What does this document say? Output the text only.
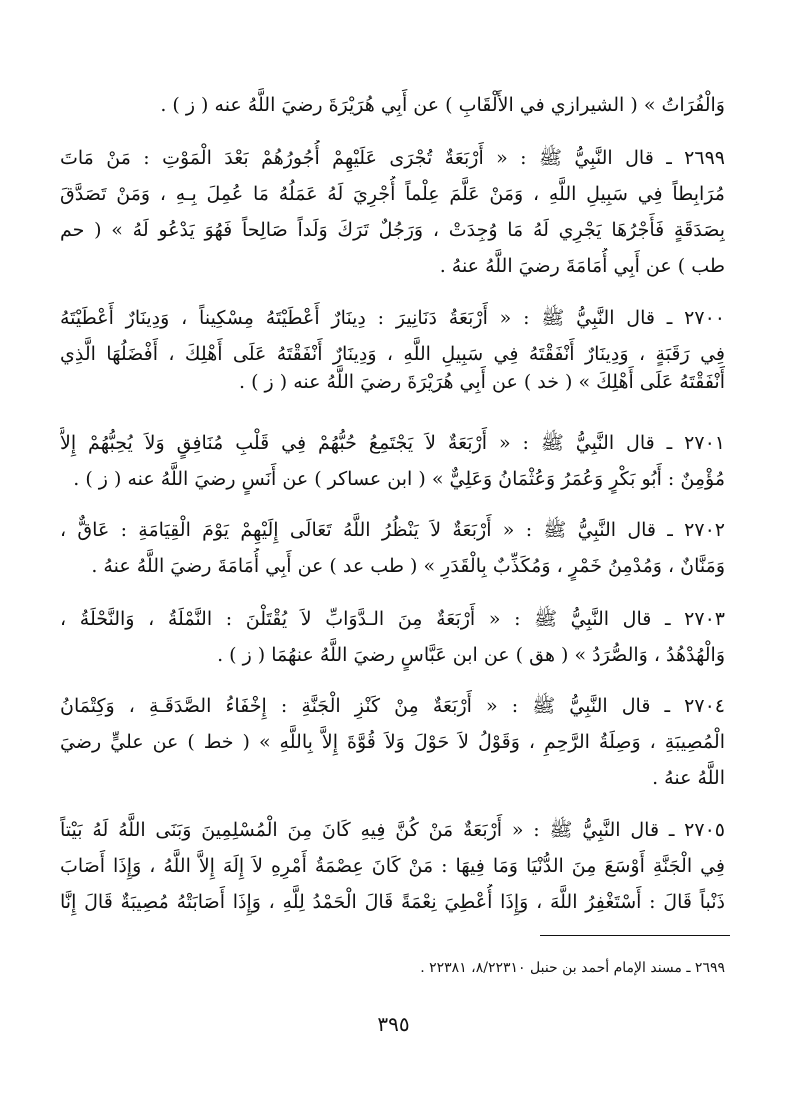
وَالْفُرَاتُ » ( الشيرازي في الأَلْقَابِ ) عن أَبِي هُرَيْرَةَ رضيَ اللَّهُ عنه ( ز ) .
٢٦٩٩ ـ قال النَّبِيُّ ﷺ : « أَرْبَعَةٌ تُجْرَى عَلَيْهِمْ أُجُورُهُمْ بَعْدَ الْمَوْتِ : مَنْ مَاتَ
مُرَابِطاً فِي سَبِيلِ اللَّهِ ، وَمَنْ عَلَّمَ عِلْماً أُجْرِيَ لَهُ عَمَلُهُ مَا عُمِلَ بِـهِ ، وَمَنْ تَصَدَّقَ
بِصَدَقَةٍ فَأَجْرُهَا يَجْرِي لَهُ مَا وُجِدَتْ ، وَرَجُلٌ تَرَكَ وَلَداً صَالِحاً فَهُوَ يَدْعُو لَهُ » ( حم
طب ) عن أَبِي أُمَامَةَ رضيَ اللَّهُ عنهُ .
٢٧٠٠ ـ قال النَّبِيُّ ﷺ : « أَرْبَعَةُ دَنَانِيرَ : دِينَارٌ أَعْطَيْتَهُ مِسْكِيناً ، وَدِينَارٌ أَعْطَيْتَهُ
فِي رَقَبَةٍ ، وَدِينَارٌ أَنْفَقْتَهُ فِي سَبِيلِ اللَّهِ ، وَدِينَارٌ أَنْفَقْتَهُ عَلَى أَهْلِكَ ، أَفْضَلُهَا الَّذِي
أَنْفَقْتَهُ عَلَى أَهْلِكَ » ( خد ) عن أَبِي هُرَيْرَةَ رضيَ اللَّهُ عنه ( ز ) .
٢٧٠١ ـ قال النَّبِيُّ ﷺ : « أَرْبَعَةٌ لاَ يَجْتَمِعُ حُبُّهُمْ فِي قَلْبِ مُنَافِقٍ وَلاَ يُحِبُّهُمْ إِلاَّ
مُؤْمِنٌ : أَبُو بَكْرٍ وَعُمَرُ وَعُثْمَانُ وَعَلِيٌّ » ( ابن عساكر ) عن أَنَسٍ رضيَ اللَّهُ عنه ( ز ) .
٢٧٠٢ ـ قال النَّبِيُّ ﷺ : « أَرْبَعَةٌ لاَ يَنْظُرُ اللَّهُ تَعَالَى إِلَيْهِمْ يَوْمَ الْقِيَامَةِ : عَاقٌّ ،
وَمَنَّانٌ ، وَمُدْمِنُ خَمْرٍ ، وَمُكَذِّبٌ بِالْقَدَرِ » ( طب عد ) عن أَبِي أُمَامَةَ رضيَ اللَّهُ عنهُ .
٢٧٠٣ ـ قال النَّبِيُّ ﷺ : « أَرْبَعَةٌ مِنَ الـدَّوَابِّ لاَ يُقْتَلْنَ : النَّمْلَةُ ، وَالنَّحْلَةُ ،
وَالْهُدْهُدُ ، وَالصُّرَدُ » ( هق ) عن ابن عَبَّاسٍ رضيَ اللَّهُ عنهُمَا ( ز ) .
٢٧٠٤ ـ قال النَّبِيُّ ﷺ : « أَرْبَعَةٌ مِنْ كَنْزِ الْجَنَّةِ : إِخْفَاءُ الصَّدَقَـةِ ، وَكِتْمَانُ
الْمُصِيبَةِ ، وَصِلَةُ الرَّحِمِ ، وَقَوْلُ لاَ حَوْلَ وَلاَ قُوَّةَ إِلاَّ بِاللَّهِ » ( خط ) عن عليٍّ رضيَ
اللَّهُ عنهُ .
٢٧٠٥ ـ قال النَّبِيُّ ﷺ : « أَرْبَعَةٌ مَنْ كُنَّ فِيهِ كَانَ مِنَ الْمُسْلِمِينَ وَبَنَى اللَّهُ لَهُ بَيْتاً
فِي الْجَنَّةِ أَوْسَعَ مِنَ الدُّنْيَا وَمَا فِيهَا : مَنْ كَانَ عِصْمَةُ أَمْرِهِ لاَ إِلَهَ إِلاَّ اللَّهُ ، وَإِذَا أَصَابَ
ذَنْباً قَالَ : أَسْتَغْفِرُ اللَّهَ ، وَإِذَا أُعْطِيَ نِعْمَةً قَالَ الْحَمْدُ لِلَّهِ ، وَإِذَا أَصَابَتْهُ مُصِيبَةٌ قَالَ إِنَّا
٢٦٩٩ ـ مسند الإمام أحمد بن حنبل ٨/٢٢٣١٠، ٢٢٣٨١ .
٣٩٥
